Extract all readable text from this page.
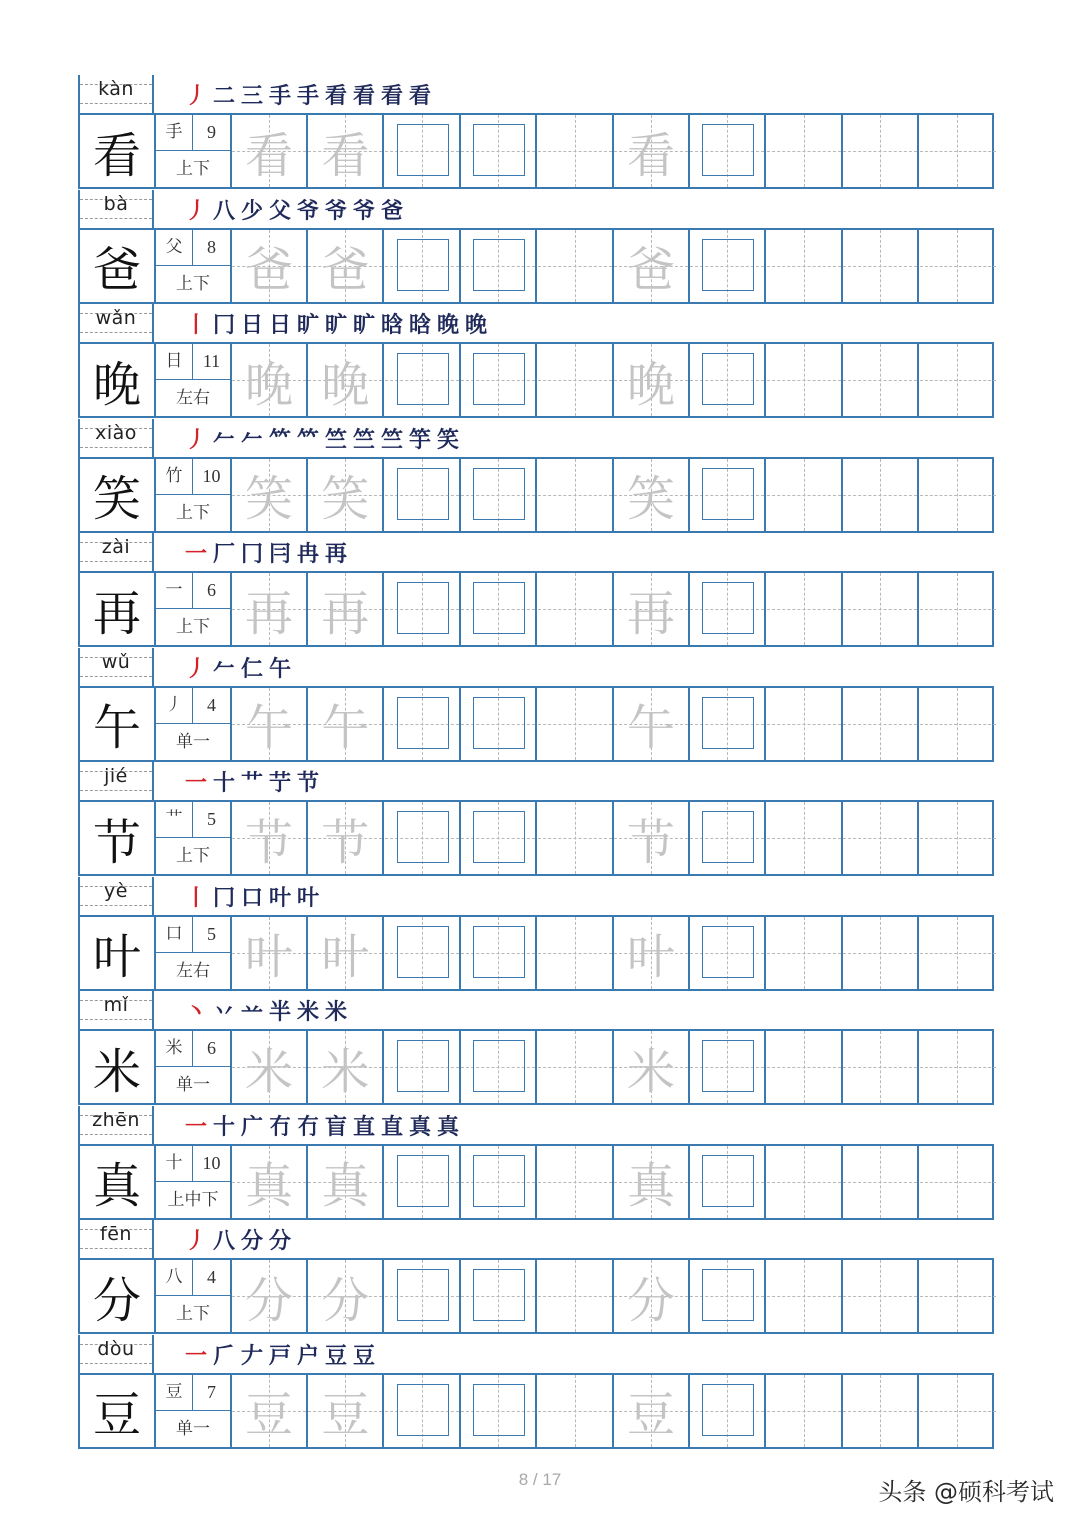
kàn	丿 二 三 手 手 看 看 看 看
看	手	9
上下 看 看	看
bà	丿 八 少 父 爷 爷 爷 爸
爸	父	8
上下 爸 爸	爸
wǎn	丨 冂 日 日 旷 旷 旷 晗 晗 晚 晚
晚	日	11
左右 晚 晚	晚
xiào	丿 𠂉 𠂉 𥫗 𥫗 竺 竺 竺 竽 笑
笑	竹	10
上下 笑 笑	笑
zài	一 厂 冂 冃 冉 再
再	一	6
上下 再 再	再
wǔ	丿 𠂉 仁 午
午	丿	4
单一 午 午	午
jié	一 十 艹 艼 节
节	艹	5
上下 节 节	节
yè	丨 冂 口 叶 叶
叶	口	5
左右 叶 叶	叶
mǐ	丶 丷 䒑 半 米 米
米	米	6
单一 米 米	米
zhēn	一 十 广 冇 冇 盲 直 直 真 真
真	十	10
上中下 真 真	真
fēn	丿 八 分 分
分	八	4
上下 分 分	分
dòu	一 𠂆 𠂇 戸 户 豆 豆
豆	豆	7
单一 豆 豆	豆
8 / 17	头条 @硕科考试
